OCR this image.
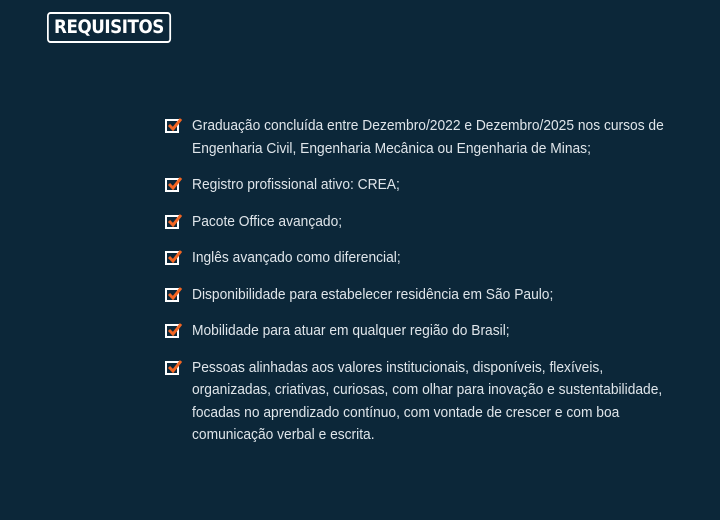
REQUISITOS
Graduação concluída entre Dezembro/2022 e Dezembro/2025 nos cursos de
Engenharia Civil, Engenharia Mecânica ou Engenharia de Minas;
Registro profissional ativo: CREA;
Pacote Office avançado;
Inglês avançado como diferencial;
Disponibilidade para estabelecer residência em São Paulo;
Mobilidade para atuar em qualquer região do Brasil;
Pessoas alinhadas aos valores institucionais, disponíveis, flexíveis,
organizadas, criativas, curiosas, com olhar para inovação e sustentabilidade,
focadas no aprendizado contínuo, com vontade de crescer e com boa
comunicação verbal e escrita.
